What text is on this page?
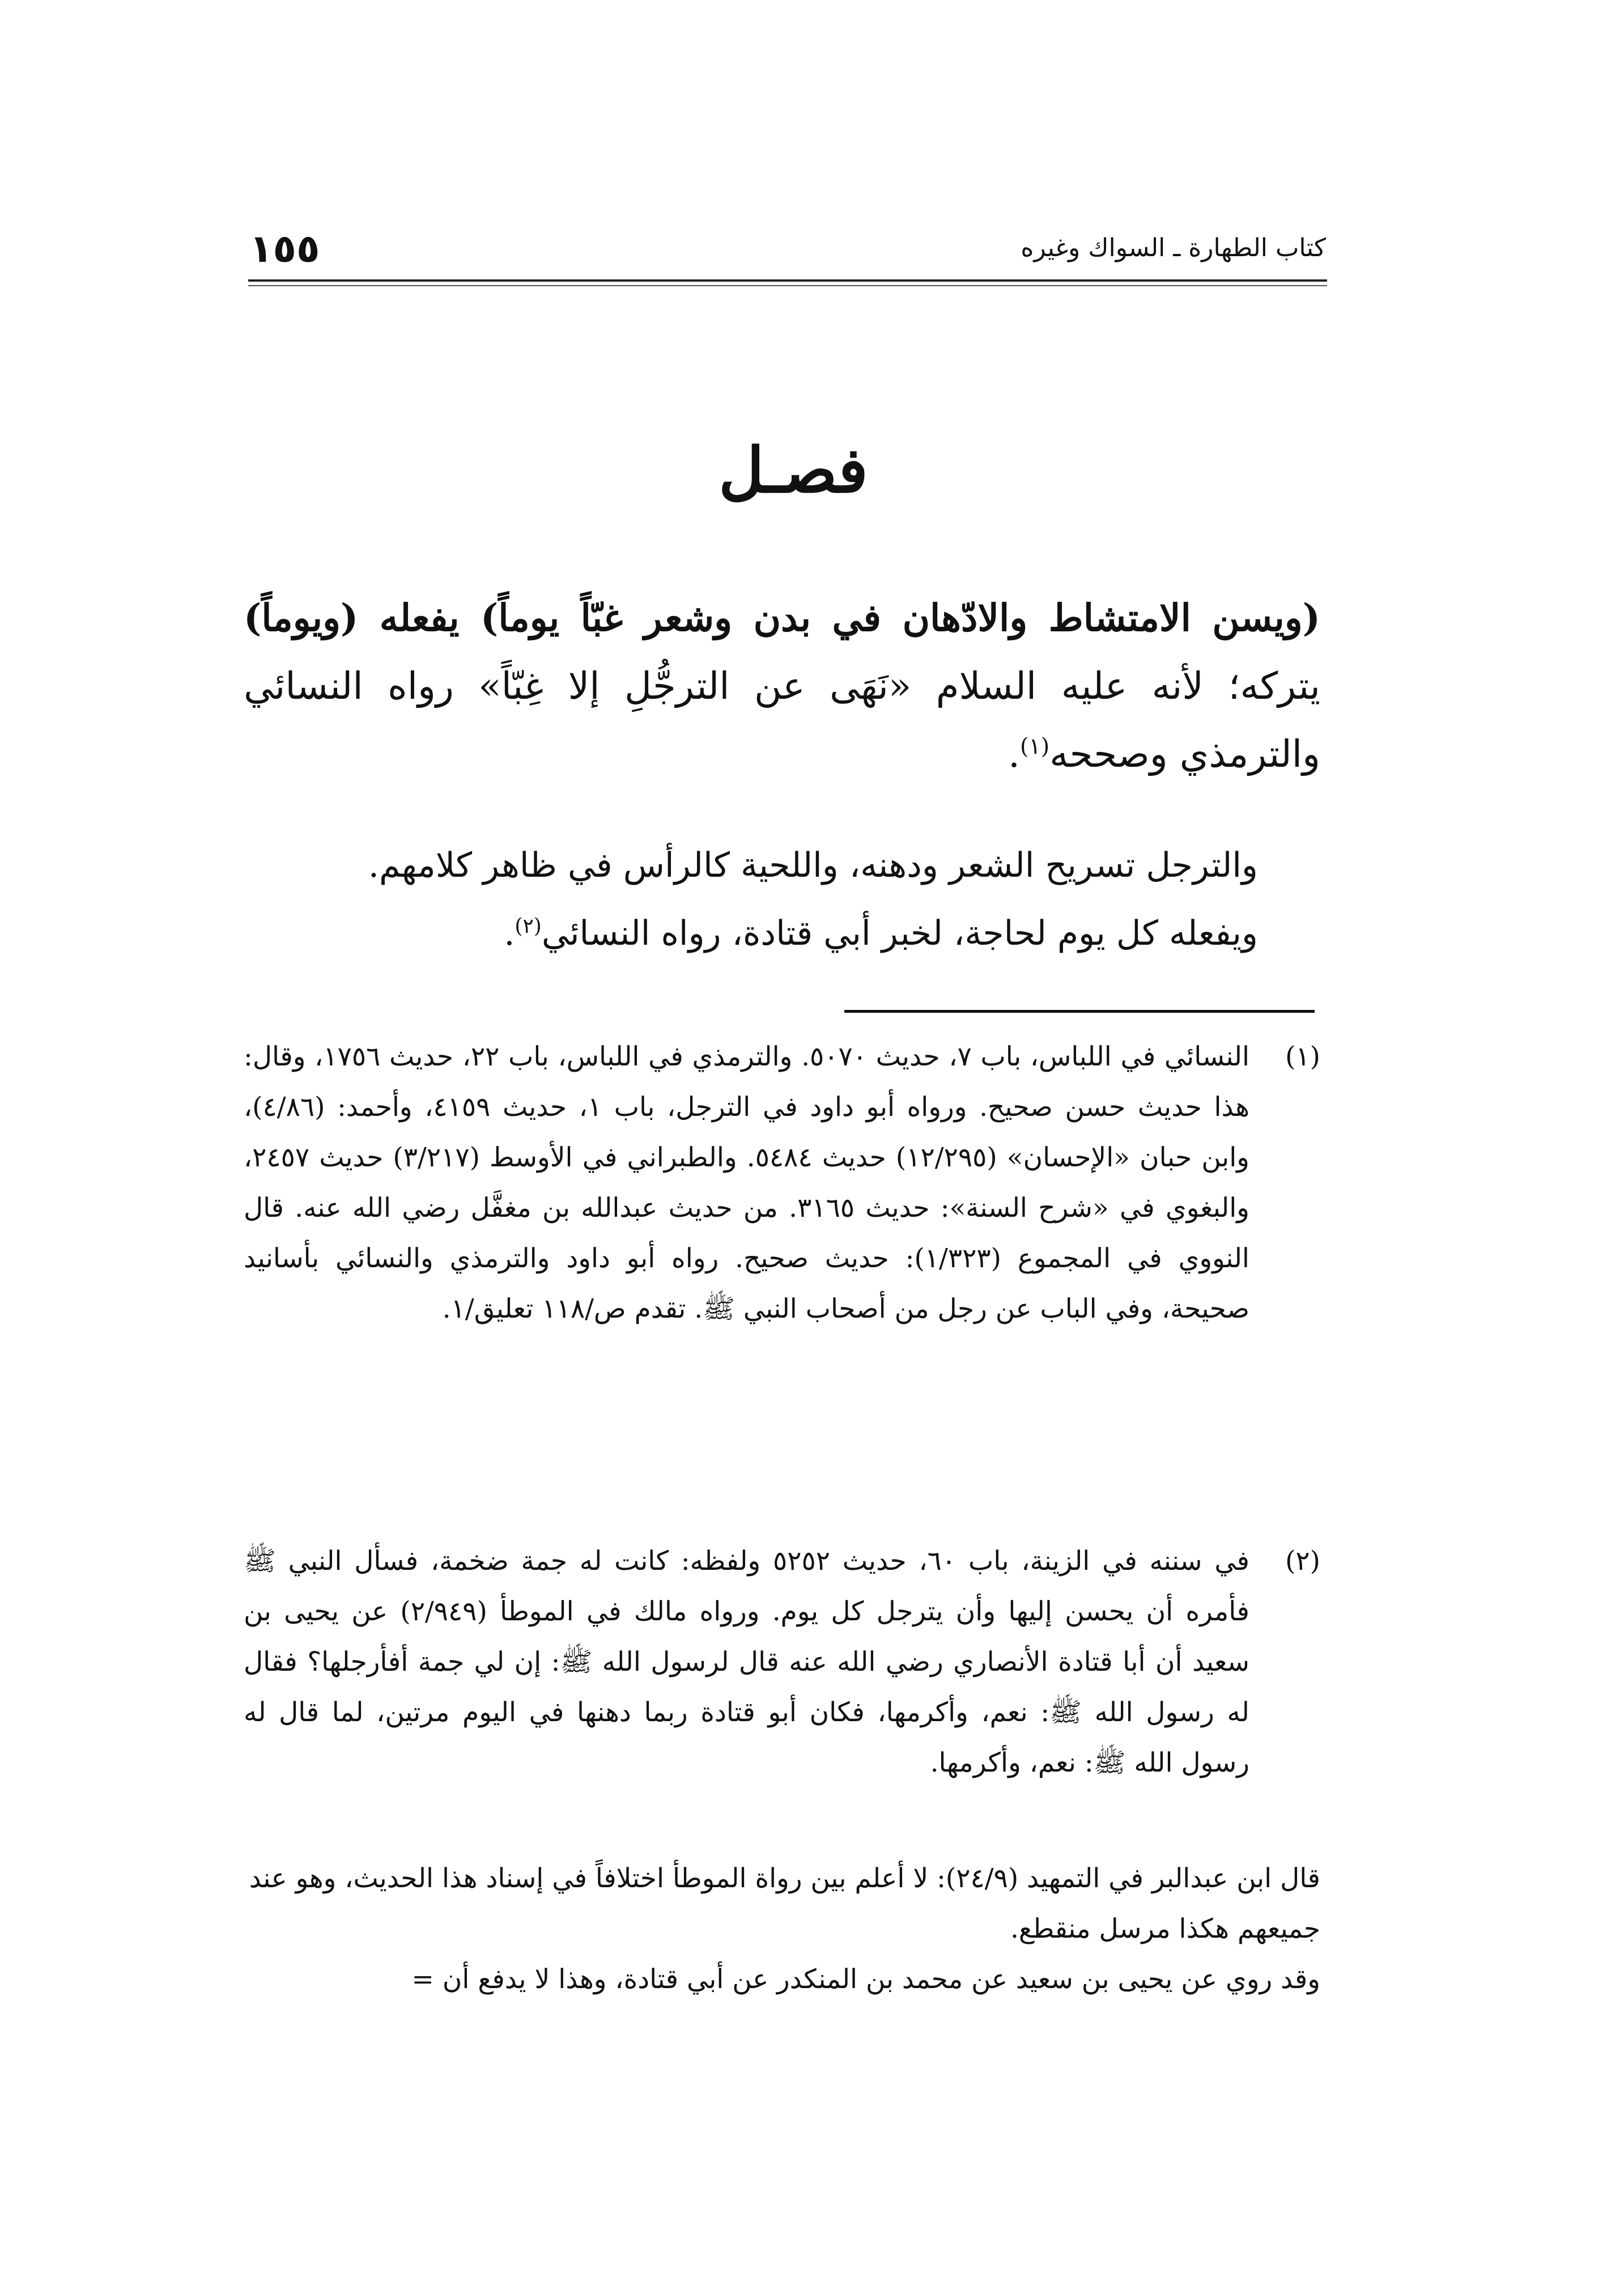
١٥٥	كتاب الطهارة ـ السواك وغيره
فصـل
(ويسن الامتشاط والادّهان في بدن وشعر غبّاً يوماً) يفعله (ويوماً) يتركه؛ لأنه عليه السلام «نَهَى عن الترجُّلِ إلا غِبّاً» رواه النسائي والترمذي وصححه$^{(١)}$.
والترجل تسريح الشعر ودهنه، واللحية كالرأس في ظاهر كلامهم.
ويفعله كل يوم لحاجة، لخبر أبي قتادة، رواه النسائي$^{(٢)}$.
(١)
النسائي في اللباس، باب ٧، حديث ٥٠٧٠. والترمذي في اللباس، باب ٢٢، حديث ١٧٥٦، وقال: هذا حديث حسن صحيح. ورواه أبو داود في الترجل، باب ١، حديث ٤١٥٩، وأحمد: (٤/٨٦)، وابن حبان «الإحسان» (١٢/٢٩٥) حديث ٥٤٨٤. والطبراني في الأوسط (٣/٢١٧) حديث ٢٤٥٧، والبغوي في «شرح السنة»: حديث ٣١٦٥. من حديث عبدالله بن مغفَّل رضي الله عنه. قال النووي في المجموع (١/٣٢٣): حديث صحيح. رواه أبو داود والترمذي والنسائي بأسانيد صحيحة، وفي الباب عن رجل من أصحاب النبي ﷺ. تقدم ص/١١٨ تعليق/١.
(٢)
في سننه في الزينة، باب ٦٠، حديث ٥٢٥٢ ولفظه: كانت له جمة ضخمة، فسأل النبي ﷺ فأمره أن يحسن إليها وأن يترجل كل يوم. ورواه مالك في الموطأ (٢/٩٤٩) عن يحيى بن سعيد أن أبا قتادة الأنصاري رضي الله عنه قال لرسول الله ﷺ: إن لي جمة أفأرجلها؟ فقال له رسول الله ﷺ: نعم، وأكرمها، فكان أبو قتادة ربما دهنها في اليوم مرتين، لما قال له رسول الله ﷺ: نعم، وأكرمها.
قال ابن عبدالبر في التمهيد (٢٤/٩): لا أعلم بين رواة الموطأ اختلافاً في إسناد هذا الحديث، وهو عند جميعهم هكذا مرسل منقطع.
وقد روي عن يحيى بن سعيد عن محمد بن المنكدر عن أبي قتادة، وهذا لا يدفع أن =
